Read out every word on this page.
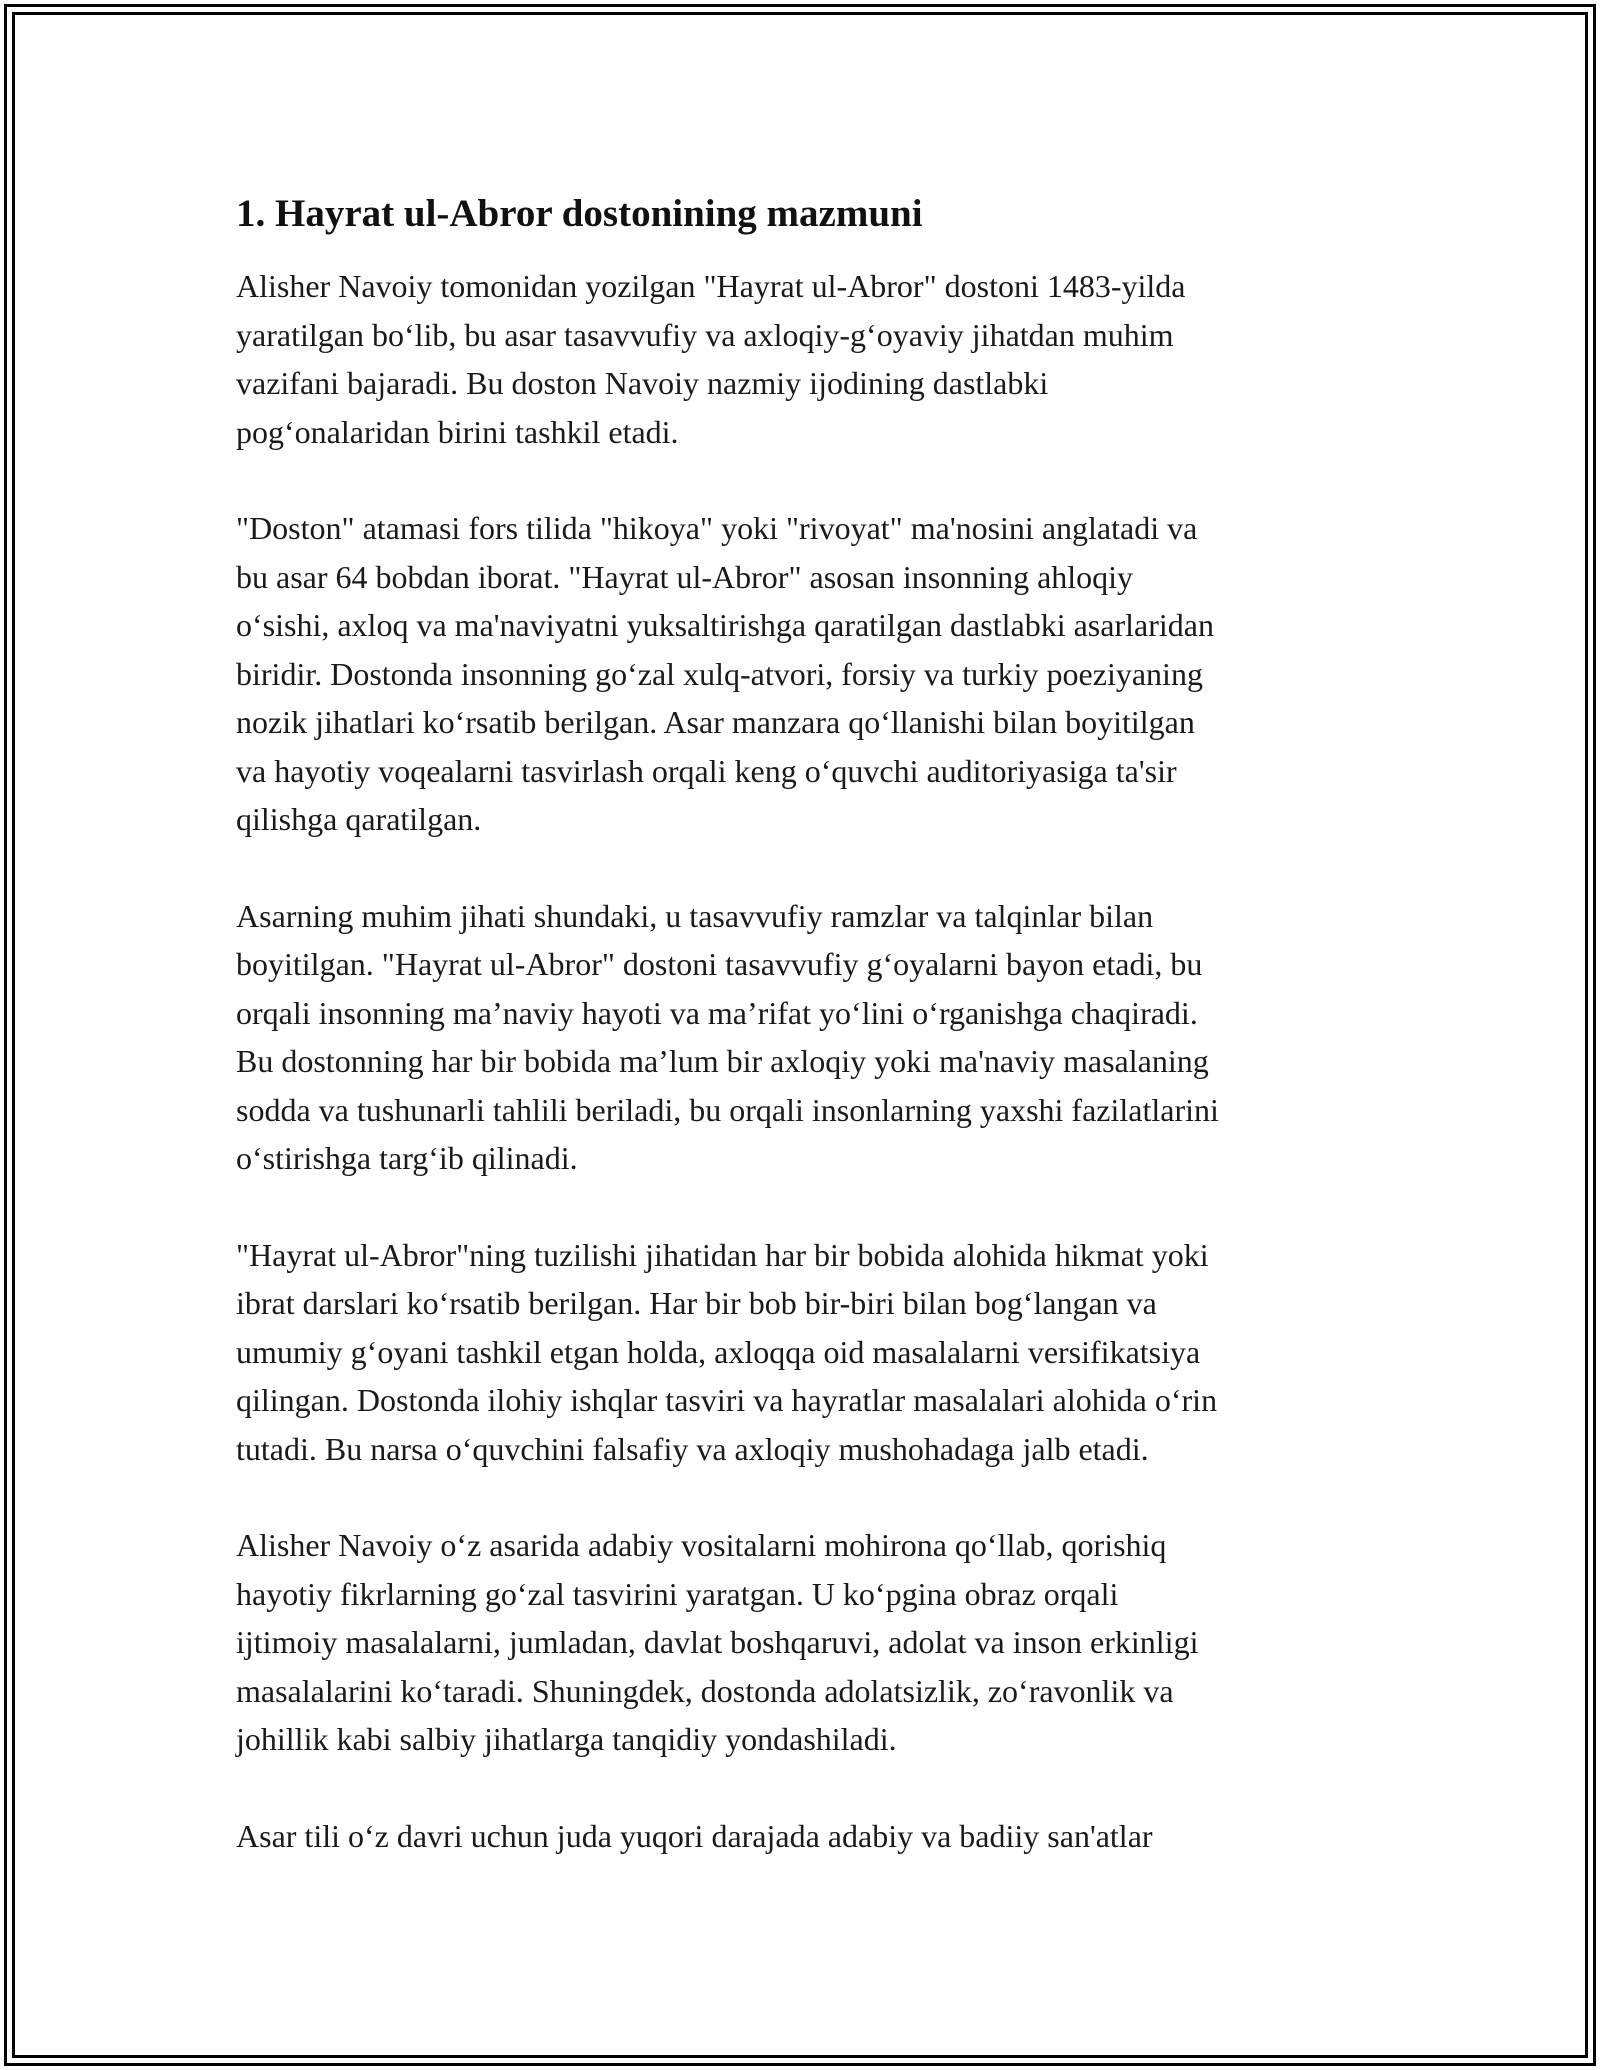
1. Hayrat ul-Abror dostonining mazmuni

Alisher Navoiy tomonidan yozilgan "Hayrat ul-Abror" dostoni 1483-yilda
yaratilgan bo‘lib, bu asar tasavvufiy va axloqiy-g‘oyaviy jihatdan muhim
vazifani bajaradi. Bu doston Navoiy nazmiy ijodining dastlabki
pog‘onalaridan birini tashkil etadi.

"Doston" atamasi fors tilida "hikoya" yoki "rivoyat" ma'nosini anglatadi va
bu asar 64 bobdan iborat. "Hayrat ul-Abror" asosan insonning ahloqiy
o‘sishi, axloq va ma'naviyatni yuksaltirishga qaratilgan dastlabki asarlaridan
biridir. Dostonda insonning go‘zal xulq-atvori, forsiy va turkiy poeziyaning
nozik jihatlari ko‘rsatib berilgan. Asar manzara qo‘llanishi bilan boyitilgan
va hayotiy voqealarni tasvirlash orqali keng o‘quvchi auditoriyasiga ta'sir
qilishga qaratilgan.

Asarning muhim jihati shundaki, u tasavvufiy ramzlar va talqinlar bilan
boyitilgan. "Hayrat ul-Abror" dostoni tasavvufiy g‘oyalarni bayon etadi, bu
orqali insonning ma’naviy hayoti va ma’rifat yo‘lini o‘rganishga chaqiradi.
Bu dostonning har bir bobida ma’lum bir axloqiy yoki ma'naviy masalaning
sodda va tushunarli tahlili beriladi, bu orqali insonlarning yaxshi fazilatlarini
o‘stirishga targ‘ib qilinadi.

"Hayrat ul-Abror"ning tuzilishi jihatidan har bir bobida alohida hikmat yoki
ibrat darslari ko‘rsatib berilgan. Har bir bob bir-biri bilan bog‘langan va
umumiy g‘oyani tashkil etgan holda, axloqqa oid masalalarni versifikatsiya
qilingan. Dostonda ilohiy ishqlar tasviri va hayratlar masalalari alohida o‘rin
tutadi. Bu narsa o‘quvchini falsafiy va axloqiy mushohadaga jalb etadi.

Alisher Navoiy o‘z asarida adabiy vositalarni mohirona qo‘llab, qorishiq
hayotiy fikrlarning go‘zal tasvirini yaratgan. U ko‘pgina obraz orqali
ijtimoiy masalalarni, jumladan, davlat boshqaruvi, adolat va inson erkinligi
masalalarini ko‘taradi. Shuningdek, dostonda adolatsizlik, zo‘ravonlik va
johillik kabi salbiy jihatlarga tanqidiy yondashiladi.

Asar tili o‘z davri uchun juda yuqori darajada adabiy va badiiy san'atlar
